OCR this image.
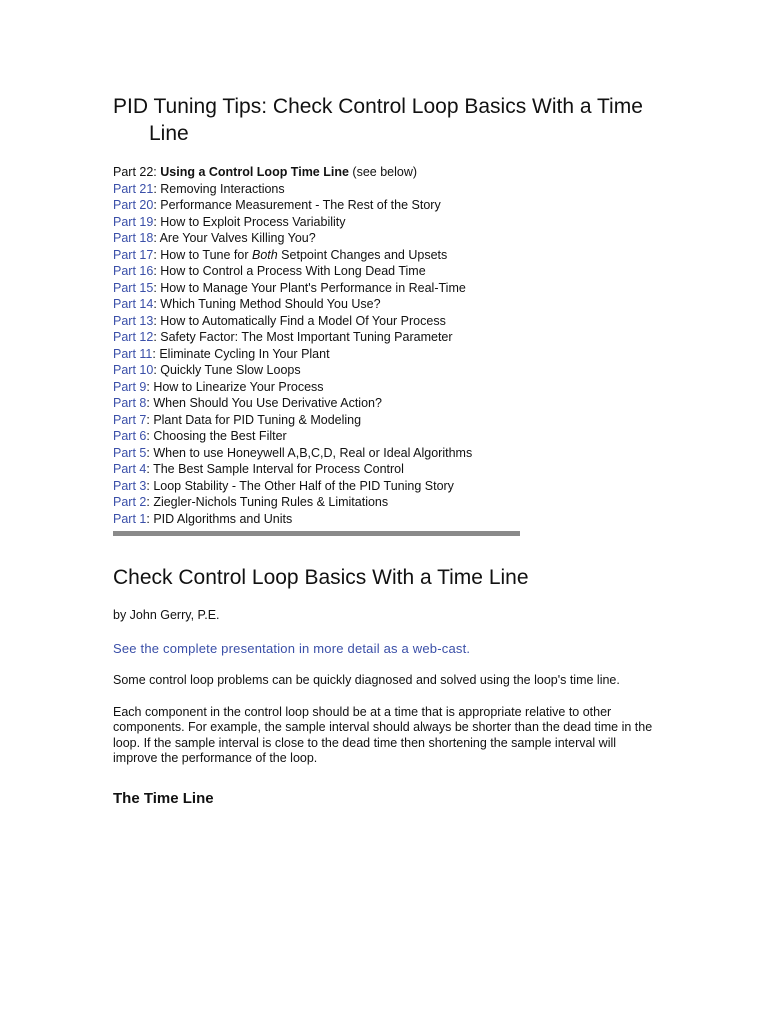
PID Tuning Tips: Check Control Loop Basics With a Time Line
Part 22: Using a Control Loop Time Line (see below)
Part 21: Removing Interactions
Part 20: Performance Measurement - The Rest of the Story
Part 19: How to Exploit Process Variability
Part 18: Are Your Valves Killing You?
Part 17: How to Tune for Both Setpoint Changes and Upsets
Part 16: How to Control a Process With Long Dead Time
Part 15: How to Manage Your Plant's Performance in Real-Time
Part 14: Which Tuning Method Should You Use?
Part 13: How to Automatically Find a Model Of Your Process
Part 12: Safety Factor: The Most Important Tuning Parameter
Part 11: Eliminate Cycling In Your Plant
Part 10: Quickly Tune Slow Loops
Part 9: How to Linearize Your Process
Part 8: When Should You Use Derivative Action?
Part 7: Plant Data for PID Tuning & Modeling
Part 6: Choosing the Best Filter
Part 5: When to use Honeywell A,B,C,D, Real or Ideal Algorithms
Part 4: The Best Sample Interval for Process Control
Part 3: Loop Stability - The Other Half of the PID Tuning Story
Part 2: Ziegler-Nichols Tuning Rules & Limitations
Part 1: PID Algorithms and Units
Check Control Loop Basics With a Time Line
by John Gerry, P.E.
See the complete presentation in more detail as a web-cast.
Some control loop problems can be quickly diagnosed and solved using the loop's time line.
Each component in the control loop should be at a time that is appropriate relative to other components. For example, the sample interval should always be shorter than the dead time in the loop. If the sample interval is close to the dead time then shortening the sample interval will improve the performance of the loop.
The Time Line
